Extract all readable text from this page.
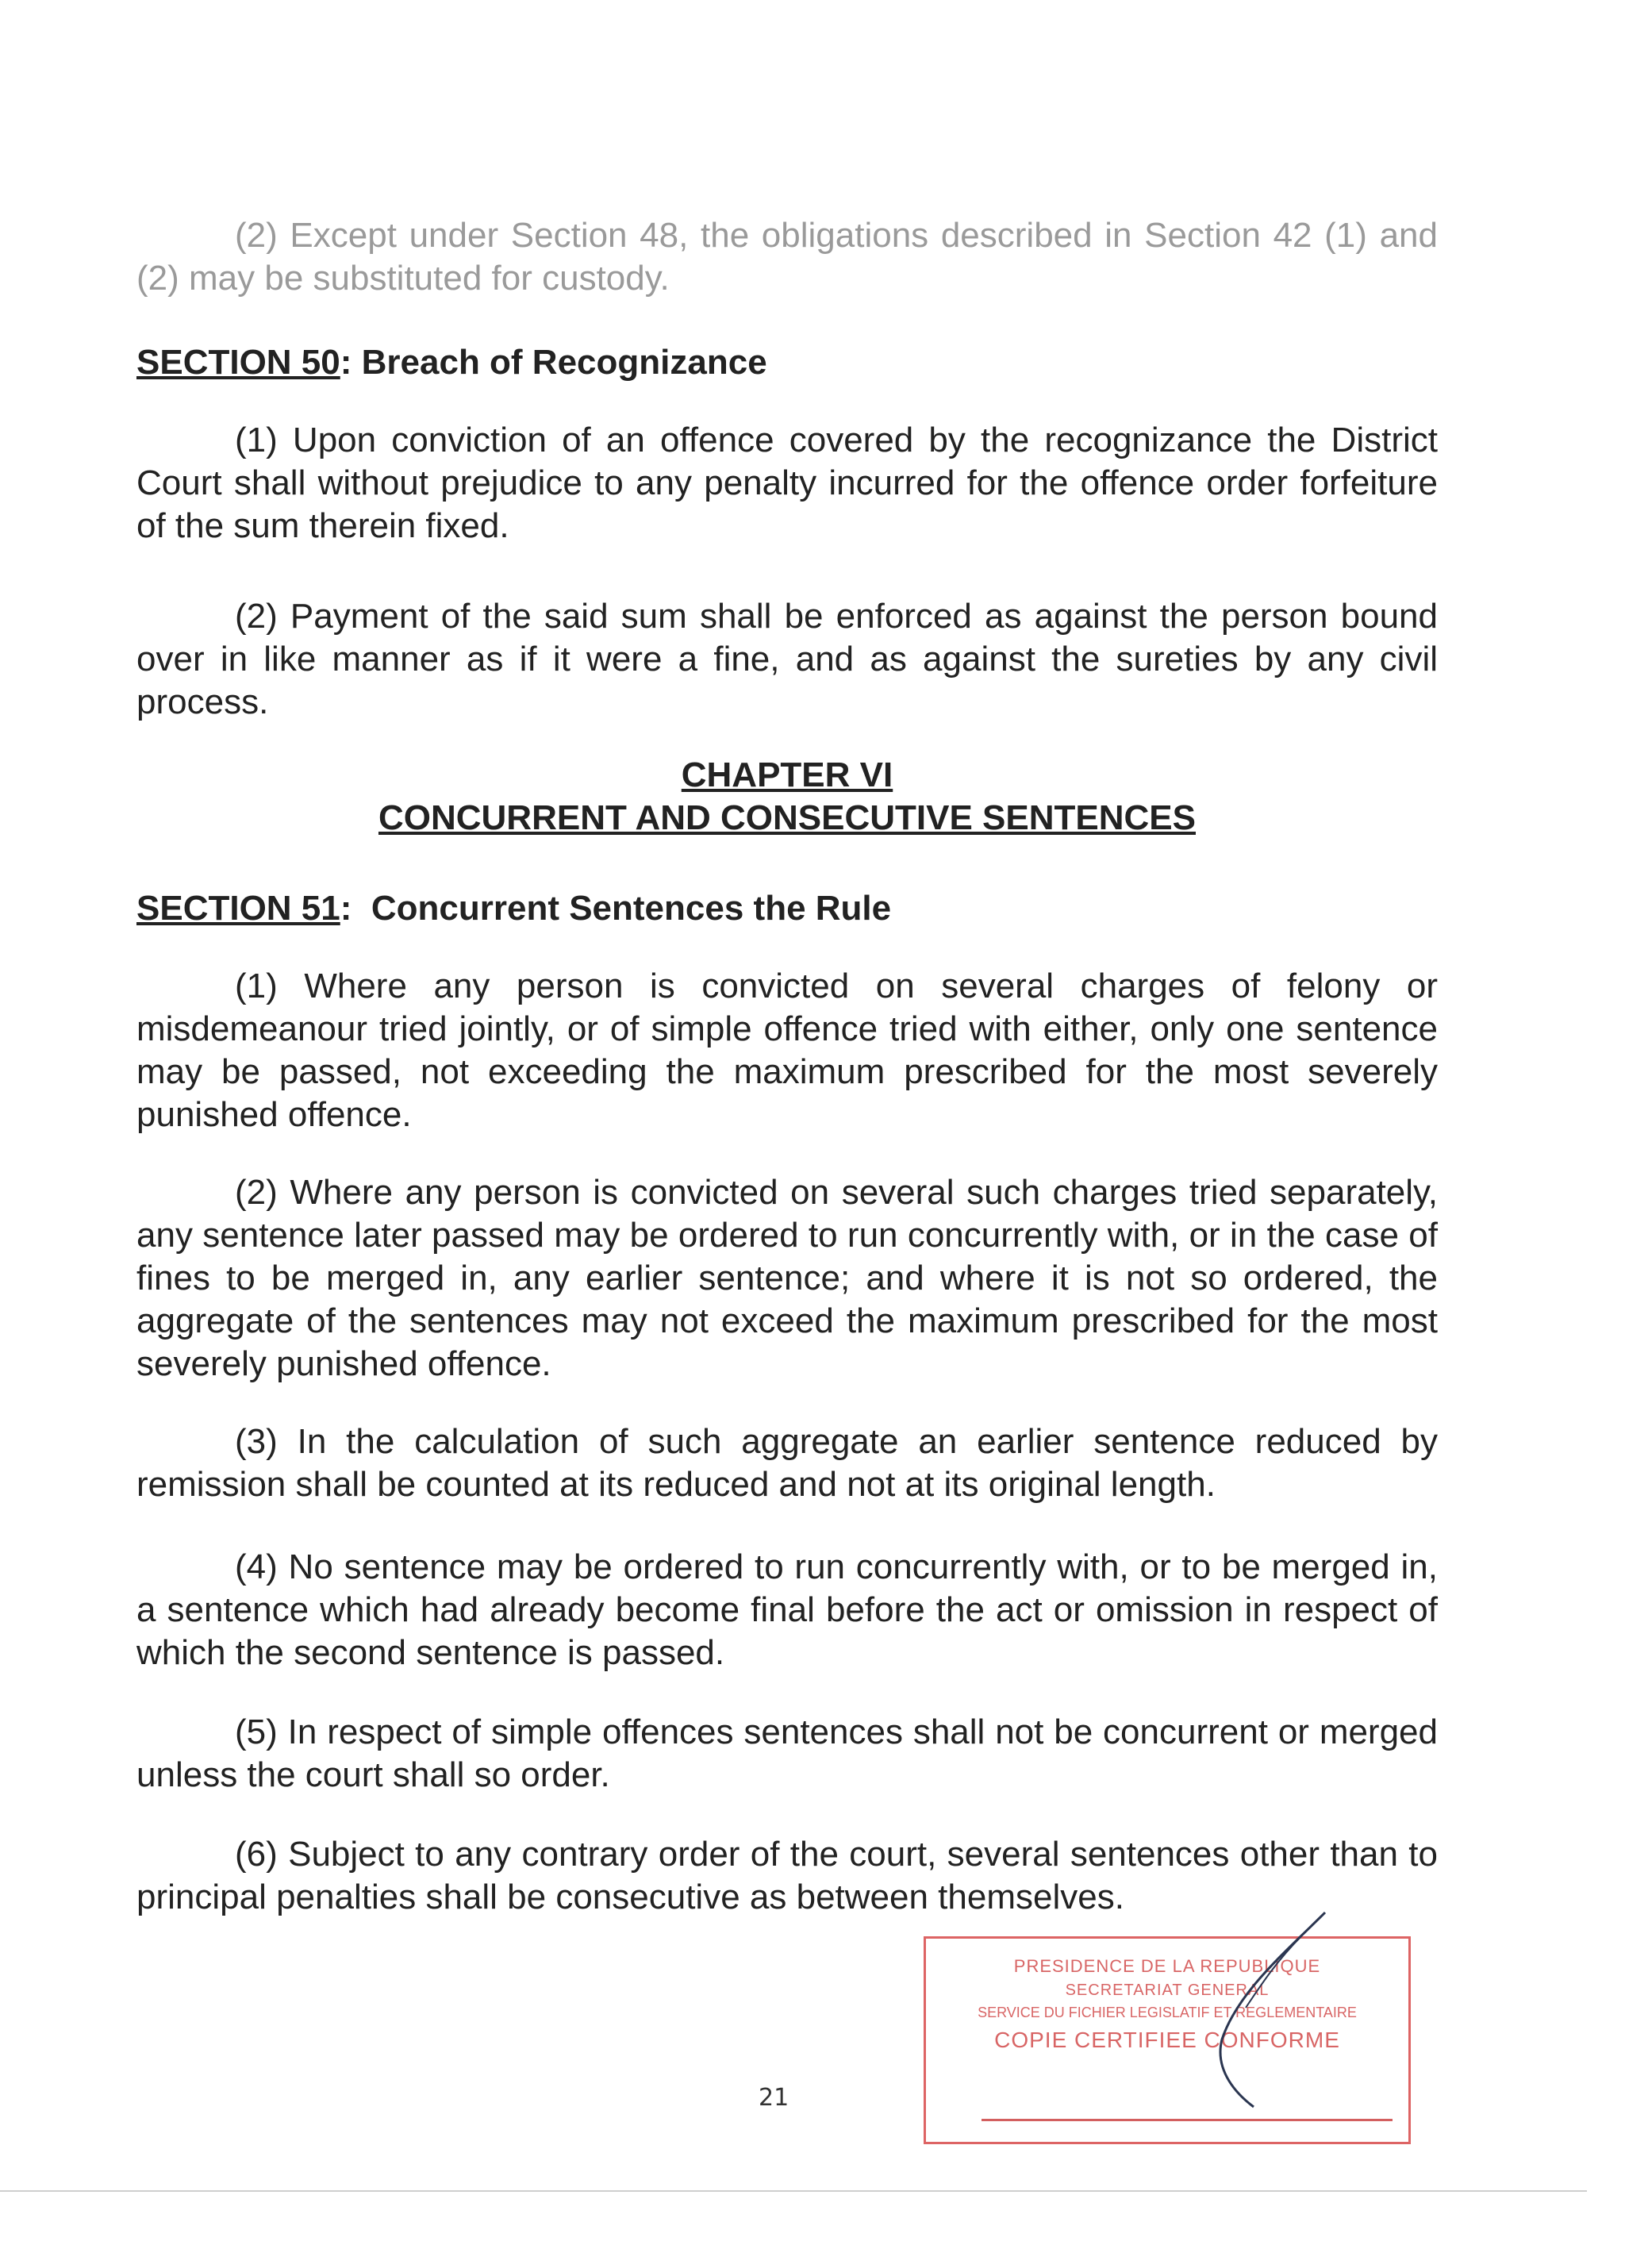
(2) Except under Section 48, the obligations described in Section 42 (1) and (2) may be substituted for custody.

SECTION 50: Breach of Recognizance

(1) Upon conviction of an offence covered by the recognizance the District Court shall without prejudice to any penalty incurred for the offence order forfeiture of the sum therein fixed.

(2) Payment of the said sum shall be enforced as against the person bound over in like manner as if it were a fine, and as against the sureties by any civil process.

CHAPTER VI

CONCURRENT AND CONSECUTIVE SENTENCES

SECTION 51:  Concurrent Sentences the Rule

(1) Where any person is convicted on several charges of felony or misdemeanour tried jointly, or of simple offence tried with either, only one sentence may be passed, not exceeding the maximum prescribed for the most severely punished offence.

(2) Where any person is convicted on several such charges tried separately, any sentence later passed may be ordered to run concurrently with, or in the case of fines to be merged in, any earlier sentence; and where it is not so ordered, the aggregate of the sentences may not exceed the maximum prescribed for the most severely punished offence.

(3) In the calculation of such aggregate an earlier sentence reduced by remission shall be counted at its reduced and not at its original length.

(4) No sentence may be ordered to run concurrently with, or to be merged in, a sentence which had already become final before the act or omission in respect of which the second sentence is passed.

(5) In respect of simple offences sentences shall not be concurrent or merged unless the court shall so order.

(6) Subject to any contrary order of the court, several sentences other than to principal penalties shall be consecutive as between themselves.

PRESIDENCE DE LA REPUBLIQUE
SECRETARIAT GENERAL
SERVICE DU FICHIER LEGISLATIF ET REGLEMENTAIRE
COPIE CERTIFIEE CONFORME
21
